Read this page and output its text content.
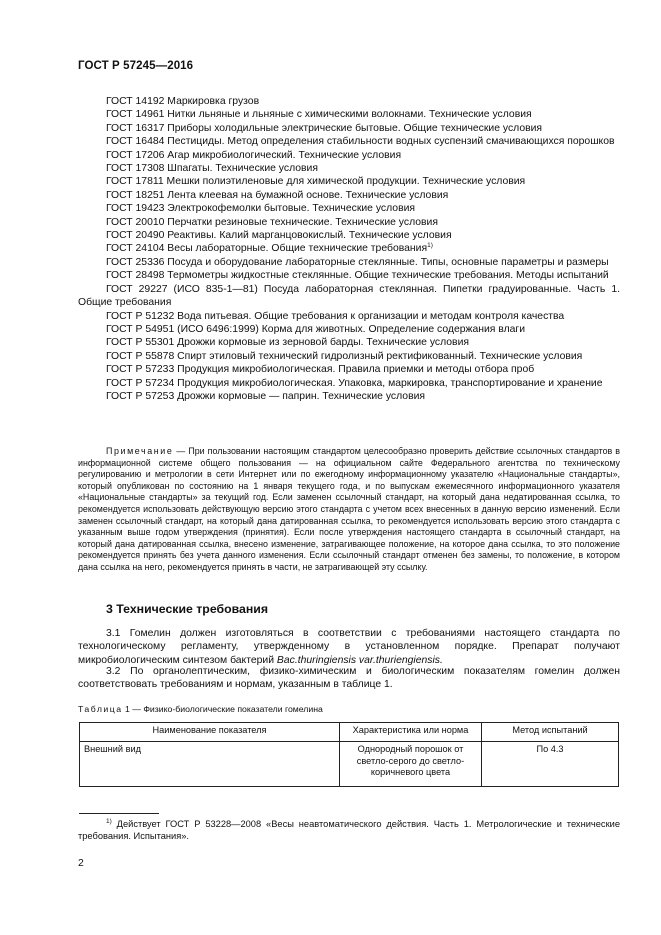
ГОСТ Р 57245—2016
ГОСТ 14192 Маркировка грузов
ГОСТ 14961 Нитки льняные и льняные с химическими волокнами. Технические условия
ГОСТ 16317 Приборы холодильные электрические бытовые. Общие технические условия
ГОСТ 16484 Пестициды. Метод определения стабильности водных суспензий смачивающихся порошков
ГОСТ 17206 Агар микробиологический. Технические условия
ГОСТ 17308 Шпагаты. Технические условия
ГОСТ 17811 Мешки полиэтиленовые для химической продукции. Технические условия
ГОСТ 18251 Лента клеевая на бумажной основе. Технические условия
ГОСТ 19423 Электрокофемолки бытовые. Технические условия
ГОСТ 20010 Перчатки резиновые технические. Технические условия
ГОСТ 20490 Реактивы. Калий марганцовокислый. Технические условия
ГОСТ 24104 Весы лабораторные. Общие технические требования$^{1)}$
ГОСТ 25336 Посуда и оборудование лабораторные стеклянные. Типы, основные параметры и размеры
ГОСТ 28498 Термометры жидкостные стеклянные. Общие технические требования. Методы испытаний
ГОСТ 29227 (ИСО 835-1—81) Посуда лабораторная стеклянная. Пипетки градуированные. Часть 1. Общие требования
ГОСТ Р 51232 Вода питьевая. Общие требования к организации и методам контроля качества
ГОСТ Р 54951 (ИСО 6496:1999) Корма для животных. Определение содержания влаги
ГОСТ Р 55301 Дрожжи кормовые из зерновой барды. Технические условия
ГОСТ Р 55878 Спирт этиловый технический гидролизный ректификованный. Технические условия
ГОСТ Р 57233 Продукция микробиологическая. Правила приемки и методы отбора проб
ГОСТ Р 57234 Продукция микробиологическая. Упаковка, маркировка, транспортирование и хранение
ГОСТ Р 57253 Дрожжи кормовые — паприн. Технические условия
Примечание — При пользовании настоящим стандартом целесообразно проверить действие ссылочных стандартов в информационной системе общего пользования — на официальном сайте Федерального агентства по техническому регулированию и метрологии в сети Интернет или по ежегодному информационному указателю «Национальные стандарты», который опубликован по состоянию на 1 января текущего года, и по выпускам ежемесячного информационного указателя «Национальные стандарты» за текущий год. Если заменен ссылочный стандарт, на который дана недатированная ссылка, то рекомендуется использовать действующую версию этого стандарта с учетом всех внесенных в данную версию изменений. Если заменен ссылочный стандарт, на который дана датированная ссылка, то рекомендуется использовать версию этого стандарта с указанным выше годом утверждения (принятия). Если после утверждения настоящего стандарта в ссылочный стандарт, на который дана датированная ссылка, внесено изменение, затрагивающее положение, на которое дана ссылка, то это положение рекомендуется принять без учета данного изменения. Если ссылочный стандарт отменен без замены, то положение, в котором дана ссылка на него, рекомендуется принять в части, не затрагивающей эту ссылку.
3 Технические требования
3.1 Гомелин должен изготовляться в соответствии с требованиями настоящего стандарта по технологическому регламенту, утвержденному в установленном порядке. Препарат получают микробиологическим синтезом бактерий Bac.thuringiensis var.thuriengiensis.
3.2 По органолептическим, физико-химическим и биологическим показателям гомелин должен соответствовать требованиям и нормам, указанным в таблице 1.
Таблица 1 — Физико-биологические показатели гомелина
Наименование показателя	Характеристика или норма	Метод испытаний
Внешний вид	Однородный порошок от светло-серого до светло-коричневого цвета	По 4.3
$^{1)}$ Действует ГОСТ Р 53228—2008 «Весы неавтоматического действия. Часть 1. Метрологические и технические требования. Испытания».
2
